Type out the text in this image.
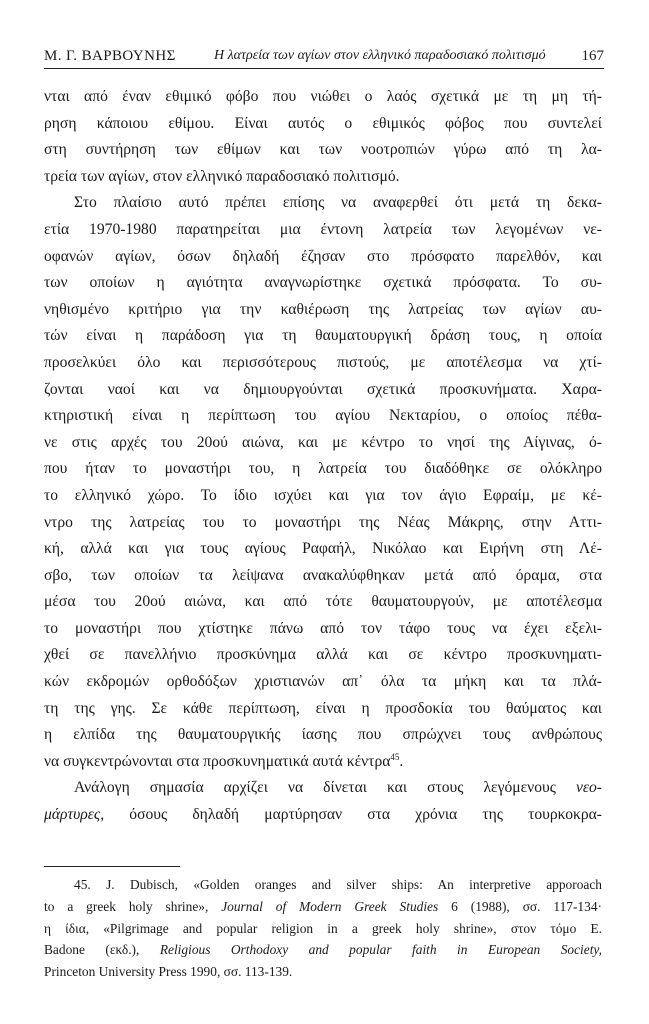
Μ. Γ. ΒΑΡΒΟΥΝΗΣ	Η λατρεία των αγίων στον ελληνικό παραδοσιακό πολιτισμό 167
νται από έναν εθιμικό φόβο που νιώθει ο λαός σχετικά με τη μη τή-
ρηση κάποιου εθίμου. Είναι αυτός ο εθιμικός φόβος που συντελεί
στη συντήρηση των εθίμων και των νοοτροπιών γύρω από τη λα-
τρεία των αγίων, στον ελληνικό παραδοσιακό πολιτισμό.
Στο πλαίσιο αυτό πρέπει επίσης να αναφερθεί ότι μετά τη δεκα-
ετία 1970-1980 παρατηρείται μια έντονη λατρεία των λεγομένων νε-
οφανών αγίων, όσων δηλαδή έζησαν στο πρόσφατο παρελθόν, και
των οποίων η αγιότητα αναγνωρίστηκε σχετικά πρόσφατα. Το συ-
νηθισμένο κριτήριο για την καθιέρωση της λατρείας των αγίων αυ-
τών είναι η παράδοση για τη θαυματουργική δράση τους, η οποία
προσελκύει όλο και περισσότερους πιστούς, με αποτέλεσμα να χτί-
ζονται ναοί και να δημιουργούνται σχετικά προσκυνήματα. Χαρα-
κτηριστική είναι η περίπτωση του αγίου Νεκταρίου, ο οποίος πέθα-
νε στις αρχές του 20ού αιώνα, και με κέντρο το νησί της Αίγινας, ό-
που ήταν το μοναστήρι του, η λατρεία του διαδόθηκε σε ολόκληρο
το ελληνικό χώρο. Το ίδιο ισχύει και για τον άγιο Εφραίμ, με κέ-
ντρο της λατρείας του το μοναστήρι της Νέας Μάκρης, στην Αττι-
κή, αλλά και για τους αγίους Ραφαήλ, Νικόλαο και Ειρήνη στη Λέ-
σβο, των οποίων τα λείψανα ανακαλύφθηκαν μετά από όραμα, στα
μέσα του 20ού αιώνα, και από τότε θαυματουργούν, με αποτέλεσμα
το μοναστήρι που χτίστηκε πάνω από τον τάφο τους να έχει εξελι-
χθεί σε πανελλήνιο προσκύνημα αλλά και σε κέντρο προσκυνηματι-
κών εκδρομών ορθοδόξων χριστιανών απ᾽ όλα τα μήκη και τα πλά-
τη της γης. Σε κάθε περίπτωση, είναι η προσδοκία του θαύματος και
η ελπίδα της θαυματουργικής ίασης που σπρώχνει τους ανθρώπους
να συγκεντρώνονται στα προσκυνηματικά αυτά κέντρα$^{45}$.
Ανάλογη σημασία αρχίζει να δίνεται και στους λεγόμενους νεο-
μάρτυρες, όσους δηλαδή μαρτύρησαν στα χρόνια της τουρκοκρα-
45. J. Dubisch, «Golden oranges and silver ships: An interpretive apporoach
to a greek holy shrine», Journal of Modern Greek Studies 6 (1988), σσ. 117-134·
η ίδια, «Pilgrimage and popular religion in a greek holy shrine», στον τόμο E.
Badone (εκδ.), Religious Orthodoxy and popular faith in European Society,
Princeton University Press 1990, σσ. 113-139.
